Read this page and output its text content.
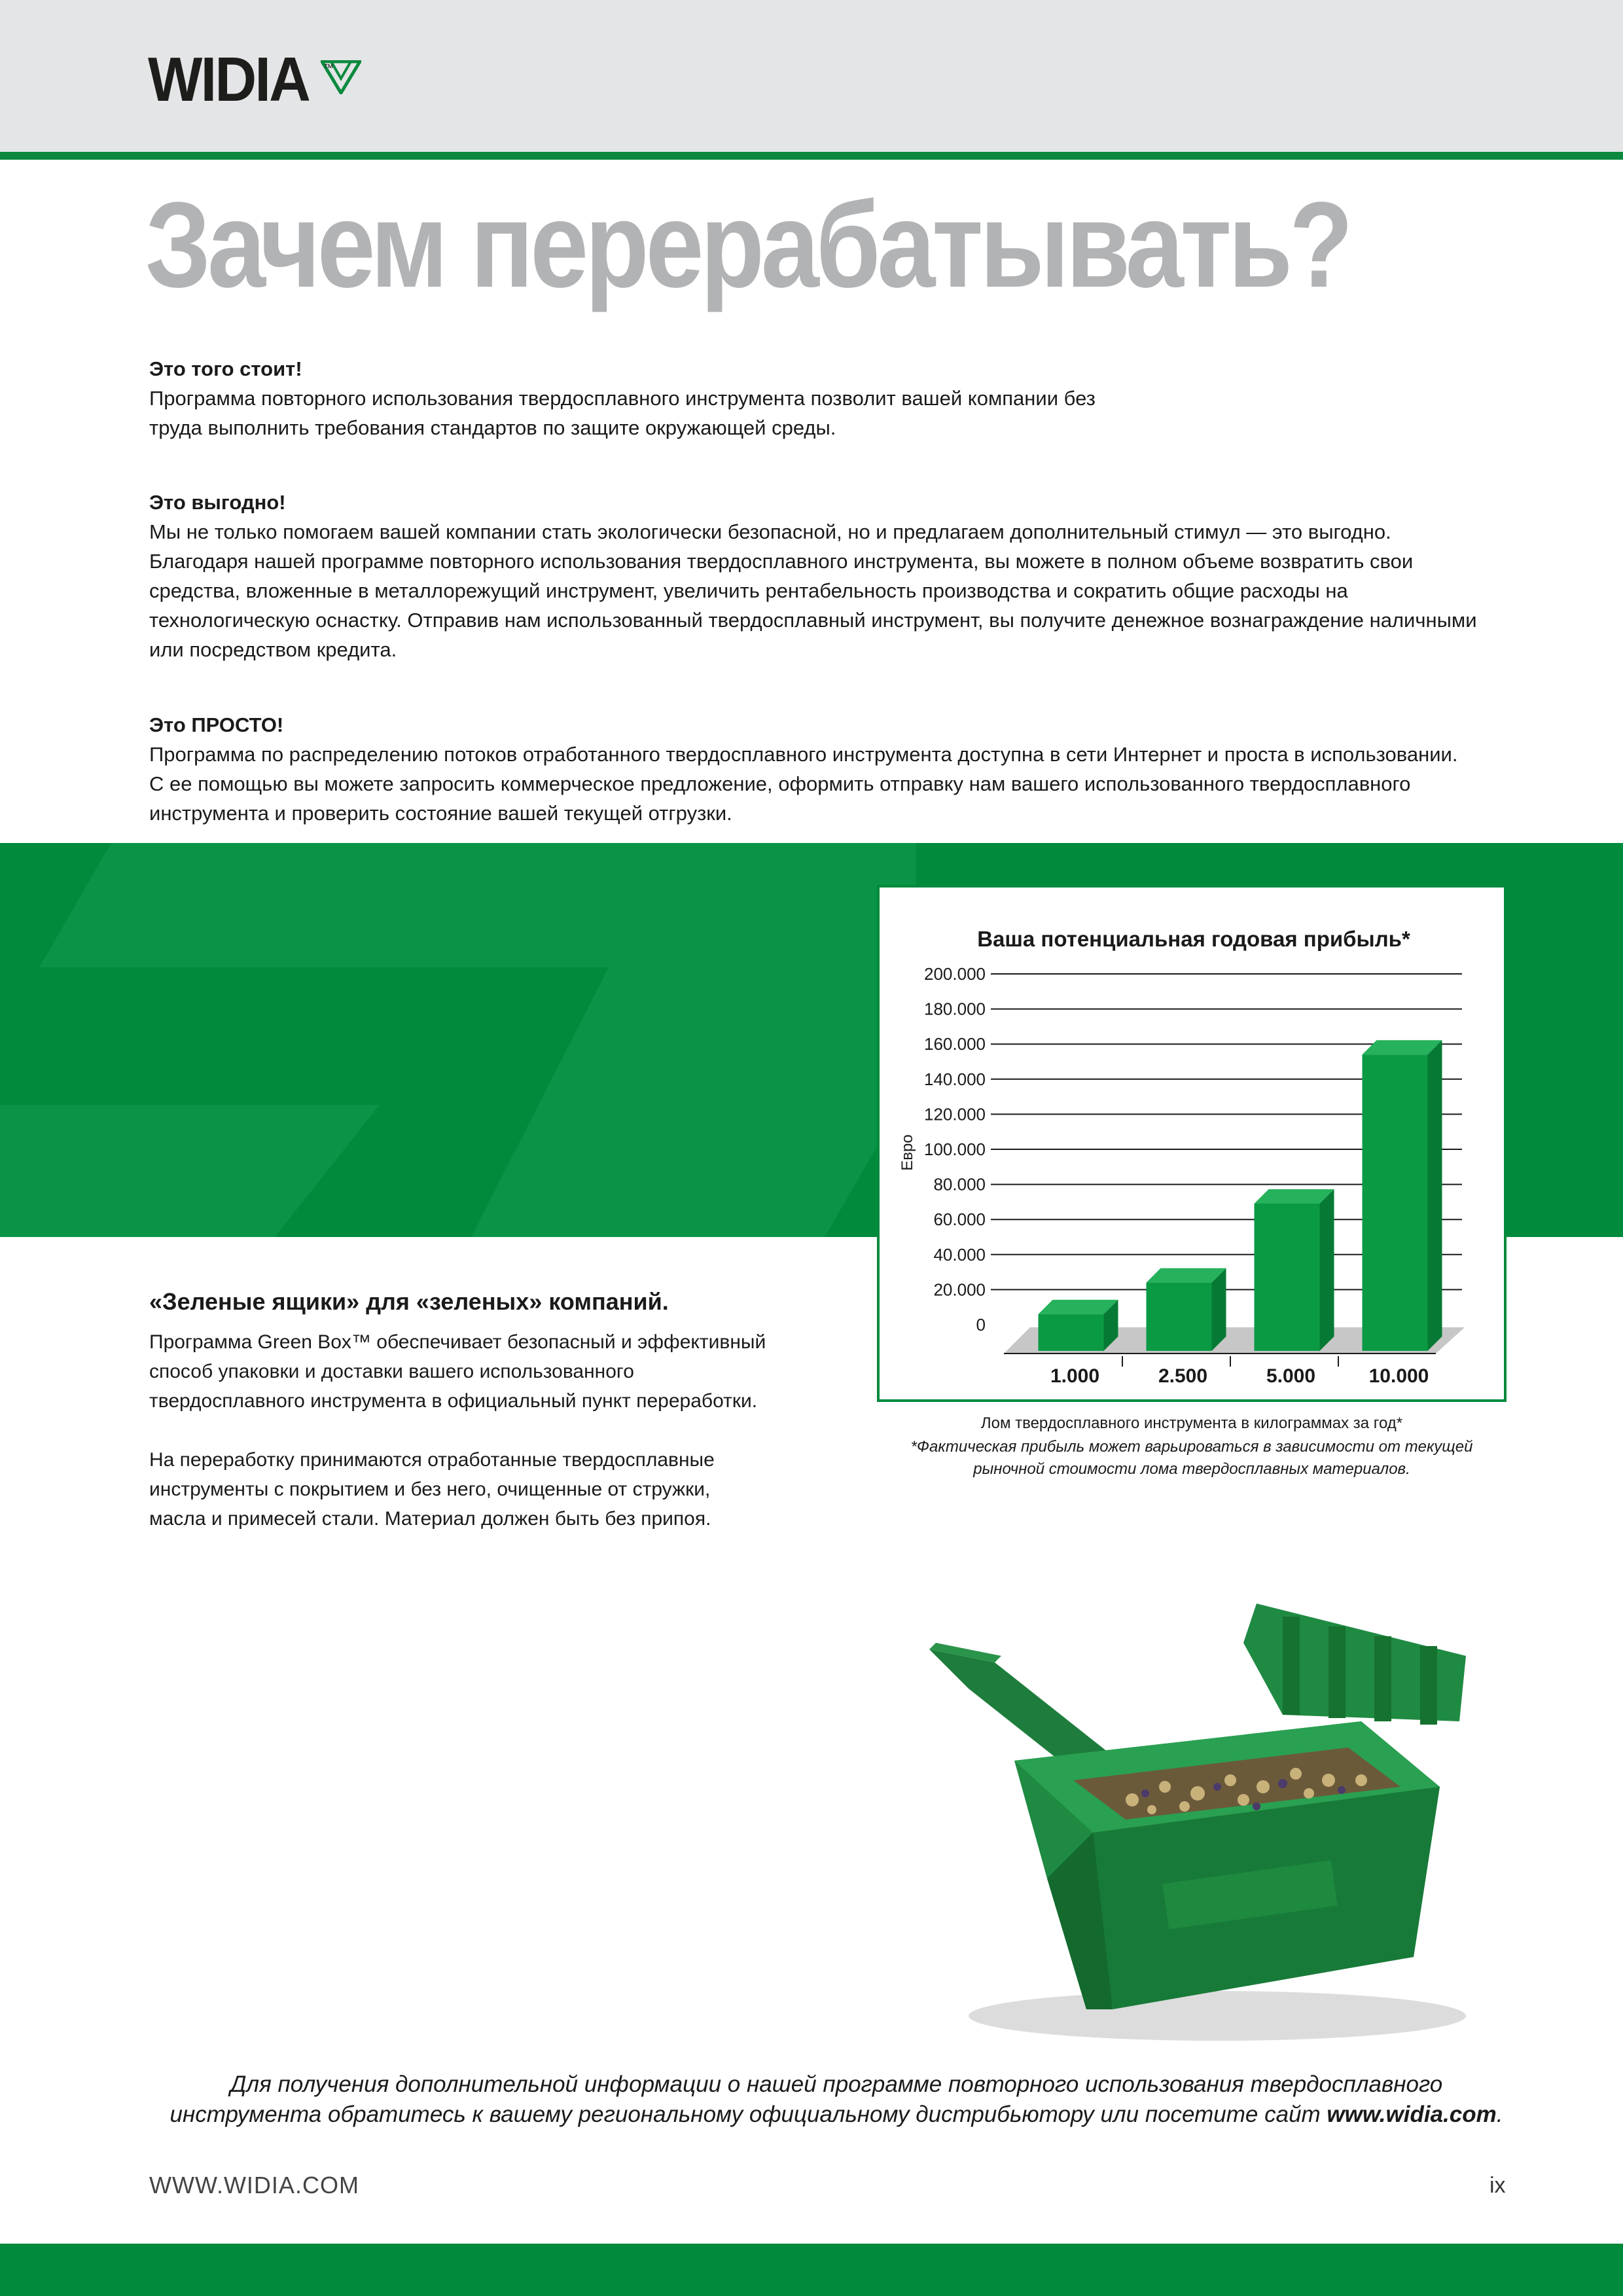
WIDIA ™
Зачем перерабатывать?
Это того стоит!

Программа повторного использования твердосплавного инструмента позволит вашей компании без

труда выполнить требования стандартов по защите окружающей среды.

Это выгодно!

Мы не только помогаем вашей компании стать экологически безопасной, но и предлагаем дополнительный стимул — это выгодно.

Благодаря нашей программе повторного использования твердосплавного инструмента, вы можете в полном объеме возвратить свои

средства, вложенные в металлорежущий инструмент, увеличить рентабельность производства и сократить общие расходы на

технологическую оснастку. Отправив нам использованный твердосплавный инструмент, вы получите денежное вознаграждение наличными

или посредством кредита.

Это ПРОСТО!

Программа по распределению потоков отработанного твердосплавного инструмента доступна в сети Интернет и проста в использовании.

С ее помощью вы можете запросить коммерческое предложение, оформить отправку нам вашего использованного твердосплавного

инструмента и проверить состояние вашей текущей отгрузки.

Ваша потенциальная годовая прибыль*
Евро
0
20.000
40.000
60.000
80.000
100.000
120.000
140.000
160.000
180.000
200.000
1.000	2.500	5.000	10.000
Лом твердосплавного инструмента в килограммах за год*
*Фактическая прибыль может варьироваться в зависимости от текущей
рыночной стоимости лома твердосплавных материалов.
«Зеленые ящики» для «зеленых» компаний.

Программа Green Box™ обеспечивает безопасный и эффективный

способ упаковки и доставки вашего использованного

твердосплавного инструмента в официальный пункт переработки.

На переработку принимаются отработанные твердосплавные

инструменты с покрытием и без него, очищенные от стружки,

масла и примесей стали. Материал должен быть без припоя.

Для получения дополнительной информации о нашей программе повторного использования твердосплавного
инструмента обратитесь к вашему региональному официальному дистрибьютору или посетите сайт www.widia.com.
WWW.WIDIA.COM	ix
